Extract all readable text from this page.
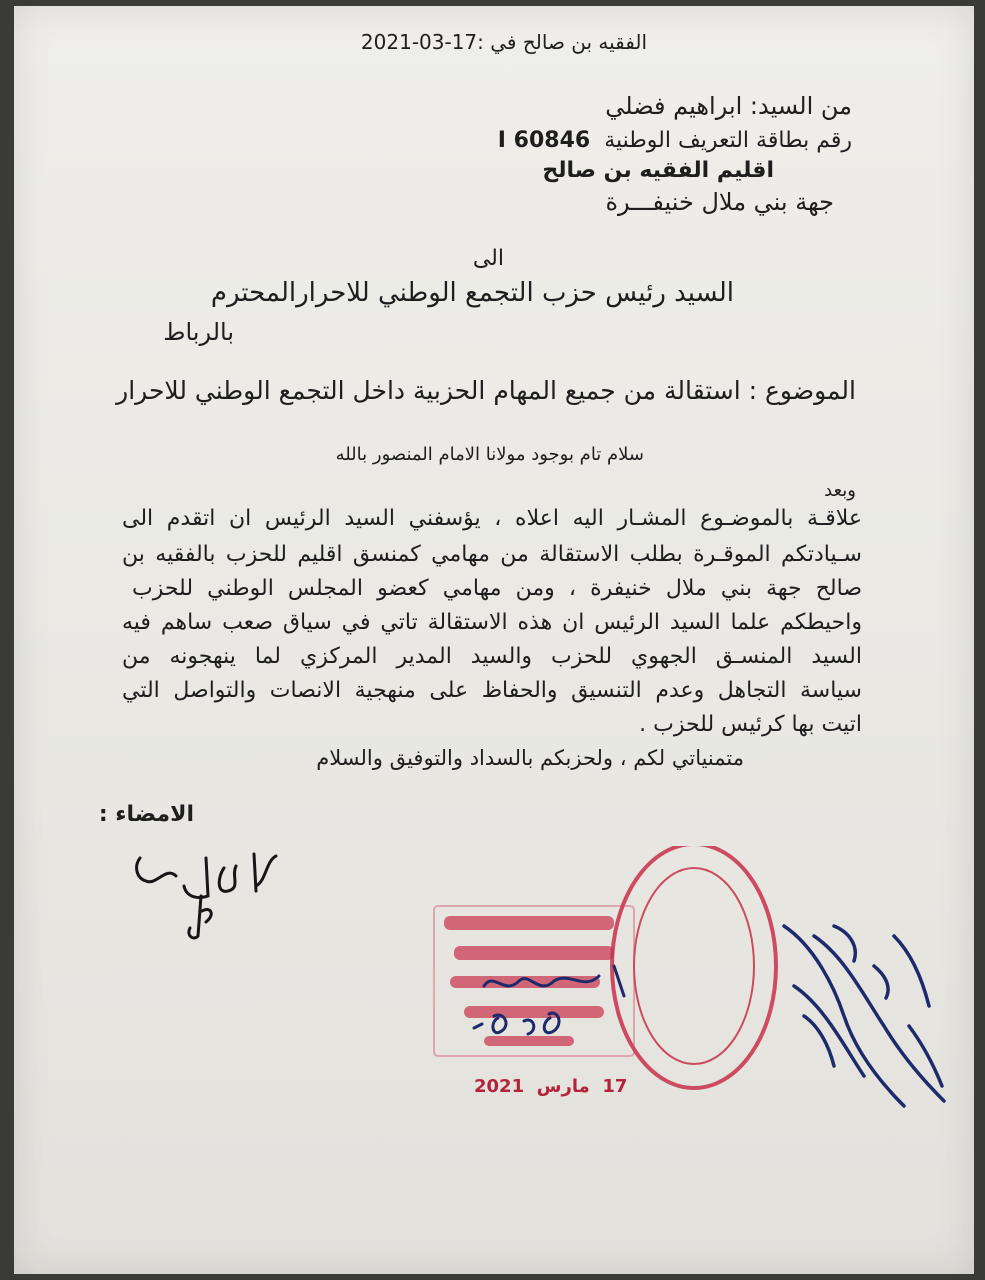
الفقيه بن صالح في :2021-03-17
من السيد: ابراهيم فضلي
رقم بطاقة التعريف الوطنية  I 60846
اقليم الفقيه بن صالح
جهة بني ملال خنيفـــرة
الى
السيد رئيس حزب التجمع الوطني للاحرارالمحترم
بالرباط
الموضوع : استقالة من جميع المهام الحزبية داخل التجمع الوطني للاحرار
سلام تام بوجود مولانا الامام المنصور بالله
وبعد
علاقـة بالموضـوع المشـار اليه اعلاه ، يؤسفني السيد الرئيس ان اتقدم الى
سـيادتكم الموقـرة بطلب الاستقالة من مهامي كمنسق اقليم للحزب بالفقيه بن
صالح جهة بني ملال خنيفرة ، ومن مهامي كعضو المجلس الوطني للحزب
واحيطكم علما السيد الرئيس ان هذه الاستقالة تاتي في سياق صعب ساهم فيه
السيد المنسـق الجهوي للحزب والسيد المدير المركزي لما ينهجونه من
سياسة التجاهل وعدم التنسيق والحفاظ على منهجية الانصات والتواصل التي
اتيت بها كرئيس للحزب .
متمنياتي لكم ، ولحزبكم بالسداد والتوفيق والسلام
الامضاء :
17  مارس  2021
